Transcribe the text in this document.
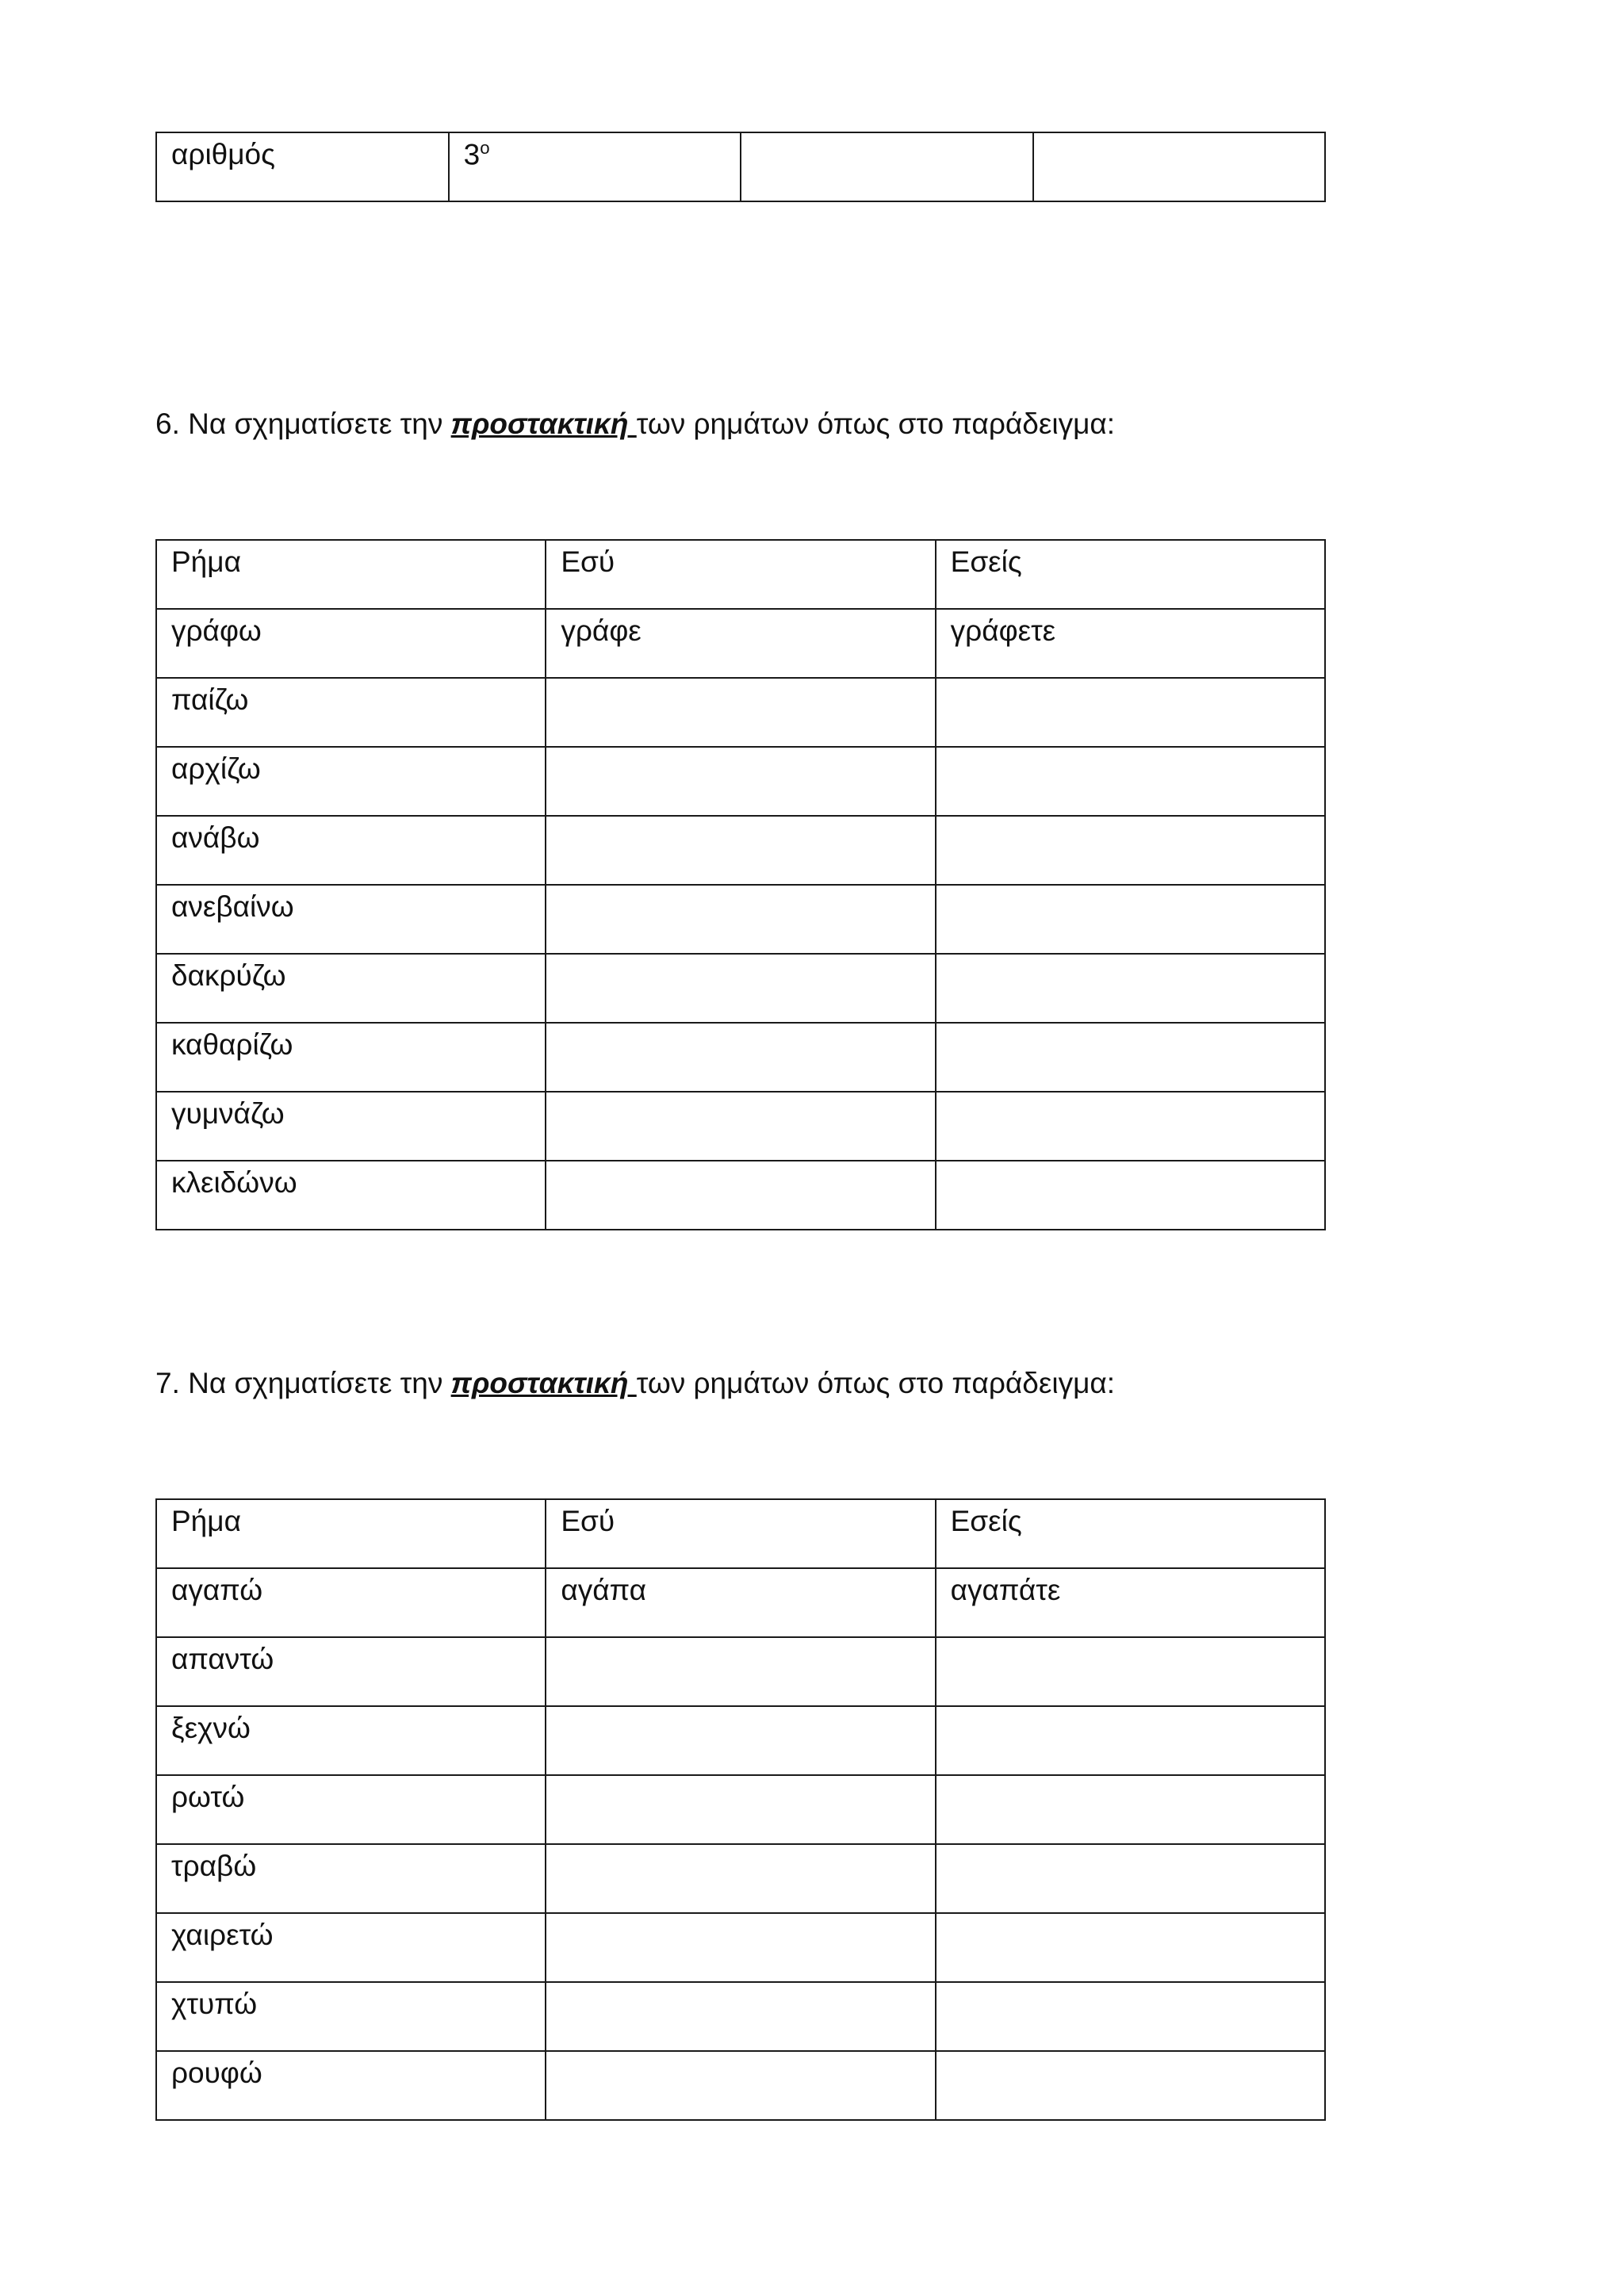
αριθμός	$3^o$		

6. Να σχηματίσετε την προστακτική των ρημάτων όπως στο παράδειγμα:

Ρήμα	Εσύ	Εσείς
γράφω	γράφε	γράφετε
παίζω		
αρχίζω		
ανάβω		
ανεβαίνω		
δακρύζω		
καθαρίζω		
γυμνάζω		
κλειδώνω		

7. Να σχηματίσετε την προστακτική των ρημάτων όπως στο παράδειγμα:

Ρήμα	Εσύ	Εσείς
αγαπώ	αγάπα	αγαπάτε
απαντώ		
ξεχνώ		
ρωτώ		
τραβώ		
χαιρετώ		
χτυπώ		
ρουφώ		
